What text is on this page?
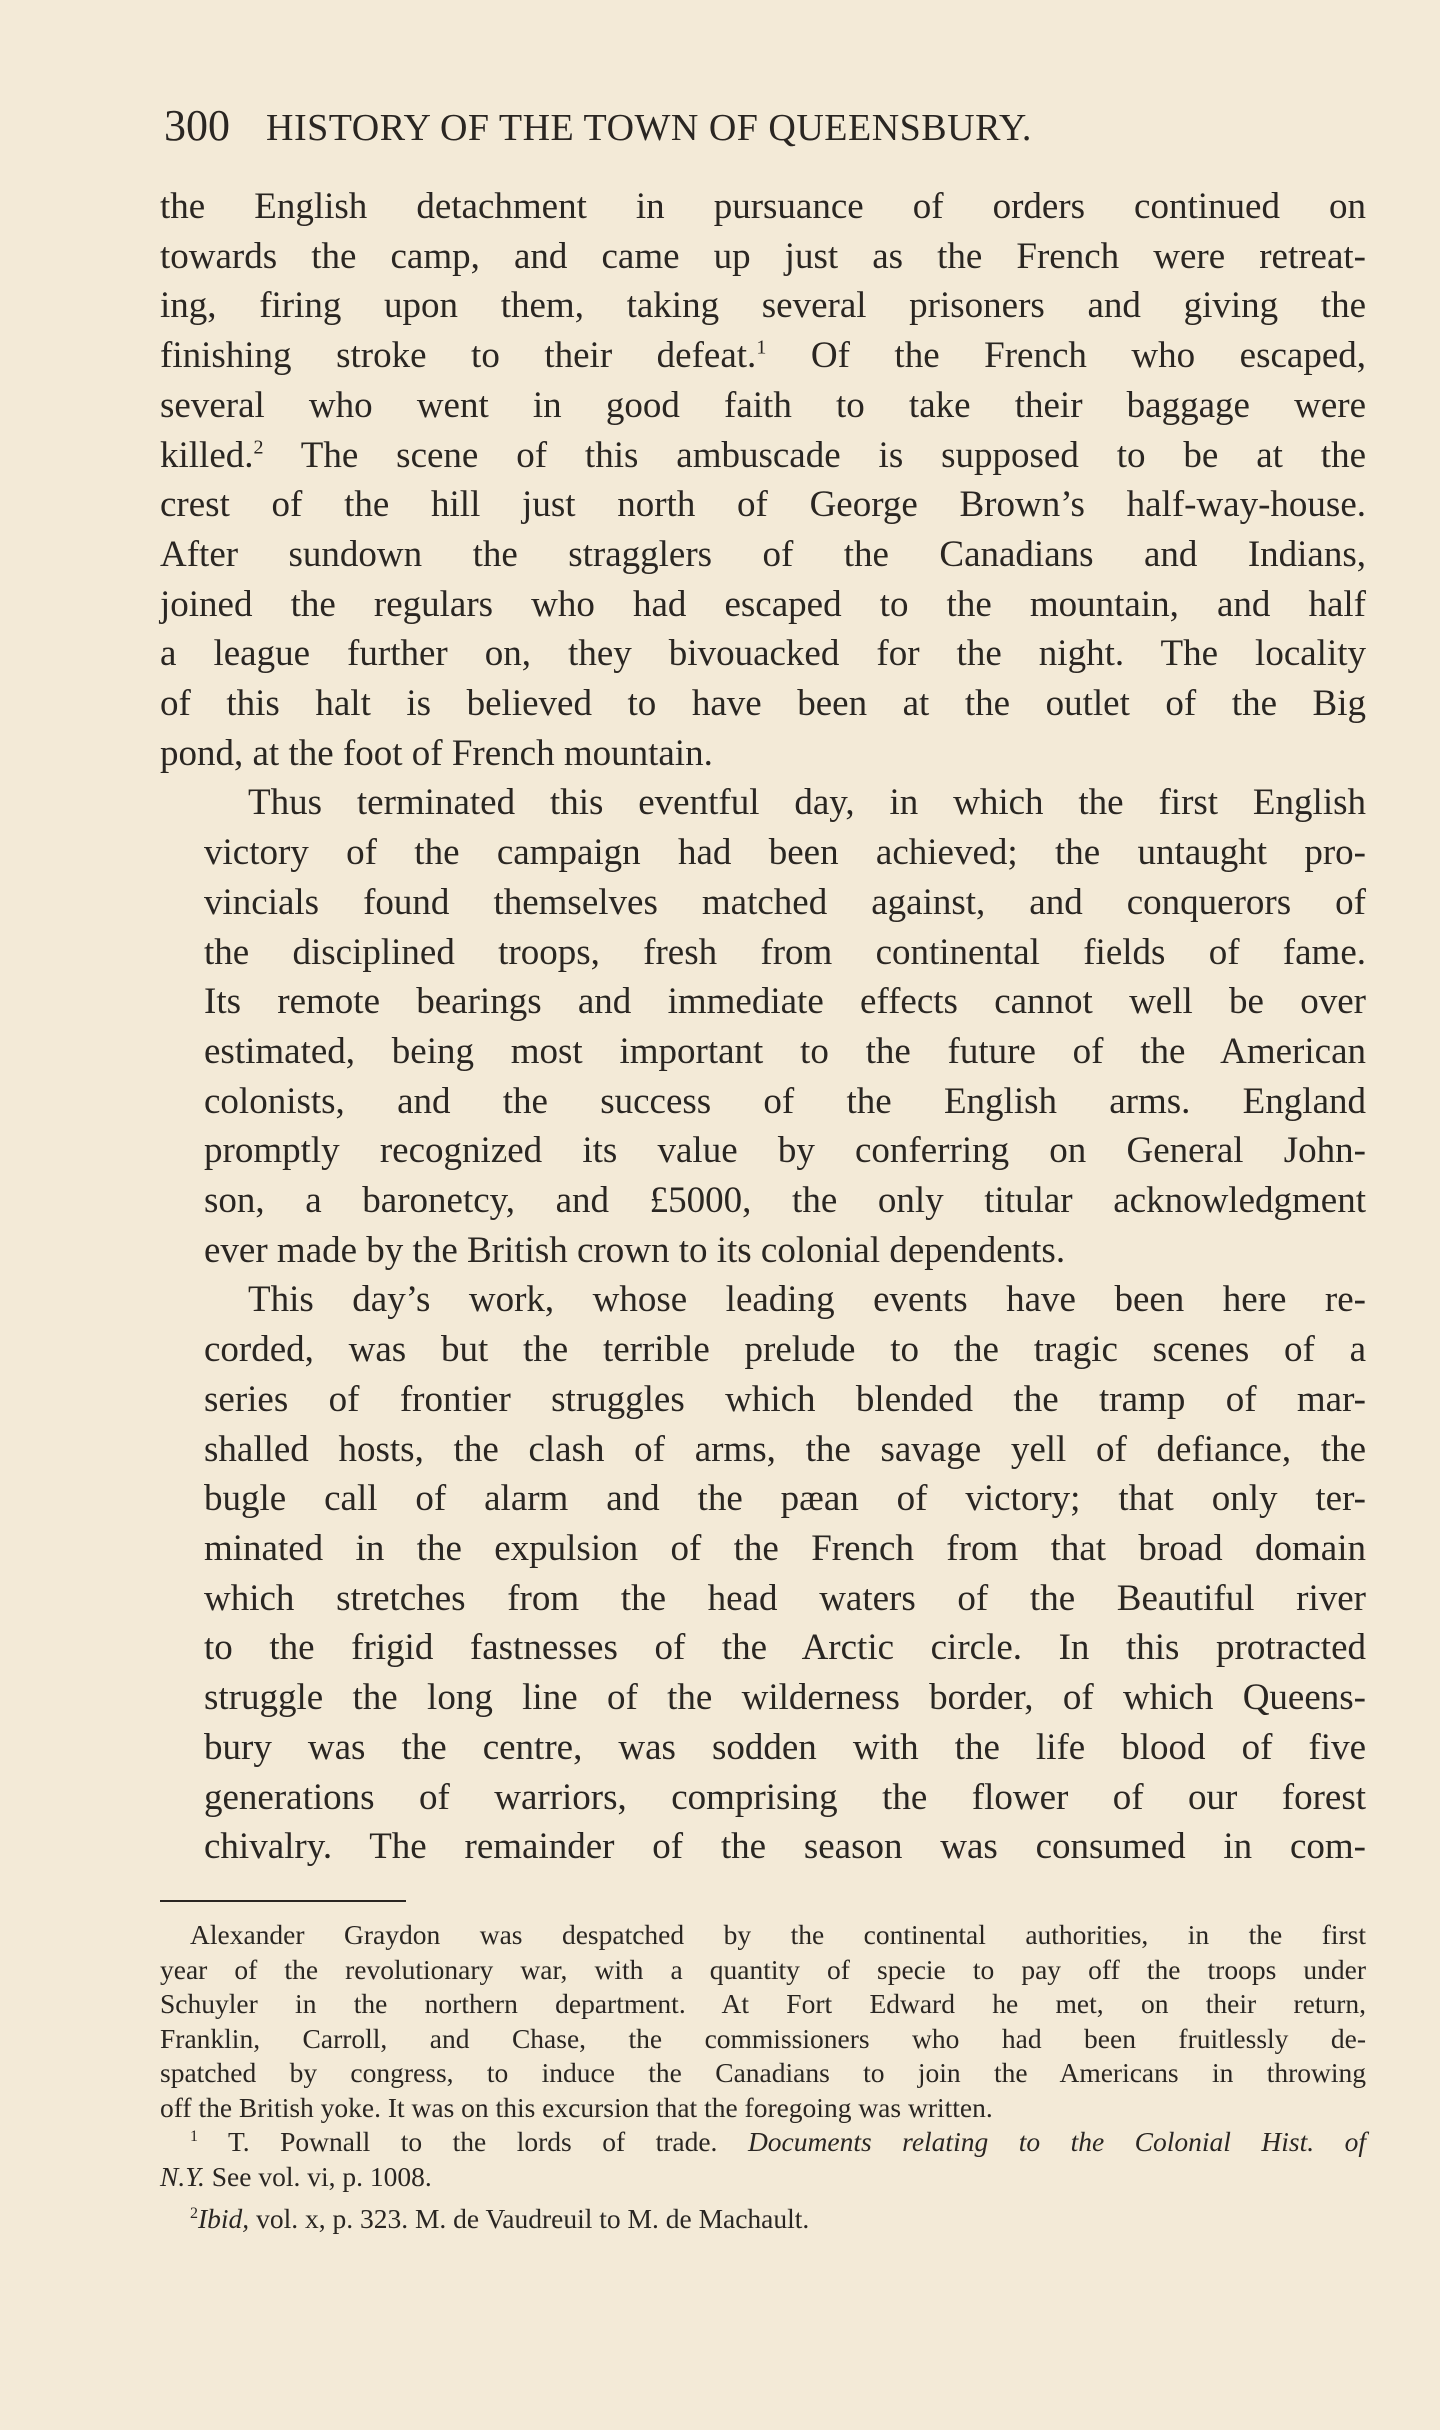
300 HISTORY OF THE TOWN OF QUEENSBURY.

the English detachment in pursuance of orders continued on
towards the camp, and came up just as the French were retreat-
ing, firing upon them, taking several prisoners and giving the
finishing stroke to their defeat.$^1$ Of the French who escaped,
several who went in good faith to take their baggage were
killed.$^2$ The scene of this ambuscade is supposed to be at the
crest of the hill just north of George Brown’s half-way-house.
After sundown the stragglers of the Canadians and Indians,
joined the regulars who had escaped to the mountain, and half
a league further on, they bivouacked for the night. The locality
of this halt is believed to have been at the outlet of the Big
pond, at the foot of French mountain.

Thus terminated this eventful day, in which the first English
victory of the campaign had been achieved; the untaught pro-
vincials found themselves matched against, and conquerors of
the disciplined troops, fresh from continental fields of fame.
Its remote bearings and immediate effects cannot well be over
estimated, being most important to the future of the American
colonists, and the success of the English arms. England
promptly recognized its value by conferring on General John-
son, a baronetcy, and £5000, the only titular acknowledgment
ever made by the British crown to its colonial dependents.

This day’s work, whose leading events have been here re-
corded, was but the terrible prelude to the tragic scenes of a
series of frontier struggles which blended the tramp of mar-
shalled hosts, the clash of arms, the savage yell of defiance, the
bugle call of alarm and the pæan of victory; that only ter-
minated in the expulsion of the French from that broad domain
which stretches from the head waters of the Beautiful river
to the frigid fastnesses of the Arctic circle. In this protracted
struggle the long line of the wilderness border, of which Queens-
bury was the centre, was sodden with the life blood of five
generations of warriors, comprising the flower of our forest
chivalry. The remainder of the season was consumed in com-

Alexander Graydon was despatched by the continental authorities, in the first
year of the revolutionary war, with a quantity of specie to pay off the troops under
Schuyler in the northern department. At Fort Edward he met, on their return,
Franklin, Carroll, and Chase, the commissioners who had been fruitlessly de-
spatched by congress, to induce the Canadians to join the Americans in throwing
off the British yoke. It was on this excursion that the foregoing was written.
$^1$ T. Pownall to the lords of trade. Documents relating to the Colonial Hist. of
N.Y. See vol. vi, p. 1008.
$^2$Ibid, vol. x, p. 323. M. de Vaudreuil to M. de Machault.
